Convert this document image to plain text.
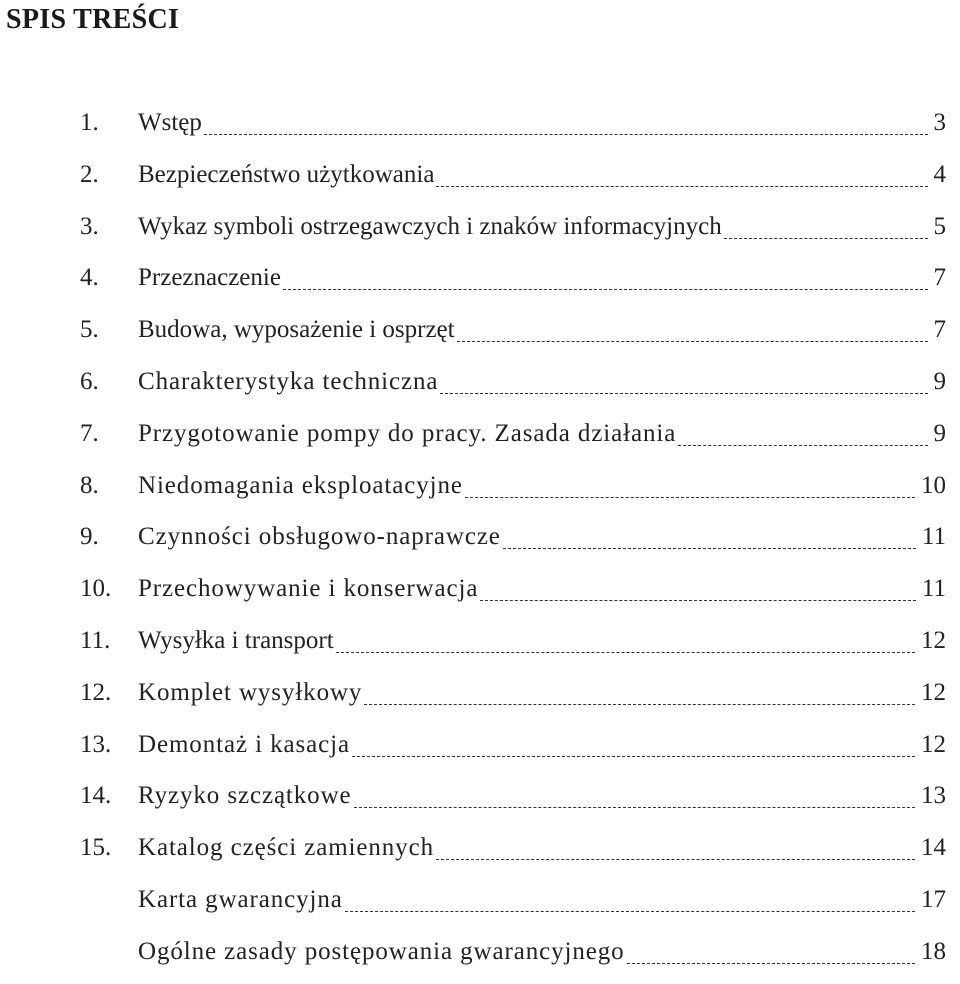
SPIS TREŚCI
1. Wstęp	3
2. Bezpieczeństwo użytkowania	4
3. Wykaz symboli ostrzegawczych i znaków informacyjnych	5
4. Przeznaczenie	7
5. Budowa, wyposażenie i osprzęt	7
6. Charakterystyka techniczna	9
7. Przygotowanie pompy do pracy. Zasada działania	9
8. Niedomagania eksploatacyjne	10
9. Czynności obsługowo-naprawcze	11
10. Przechowywanie i konserwacja	11
11. Wysyłka i transport	12
12. Komplet wysyłkowy	12
13. Demontaż i kasacja	12
14. Ryzyko szczątkowe	13
15. Katalog części zamiennych	14
Karta gwarancyjna	17
Ogólne zasady postępowania gwarancyjnego	18
